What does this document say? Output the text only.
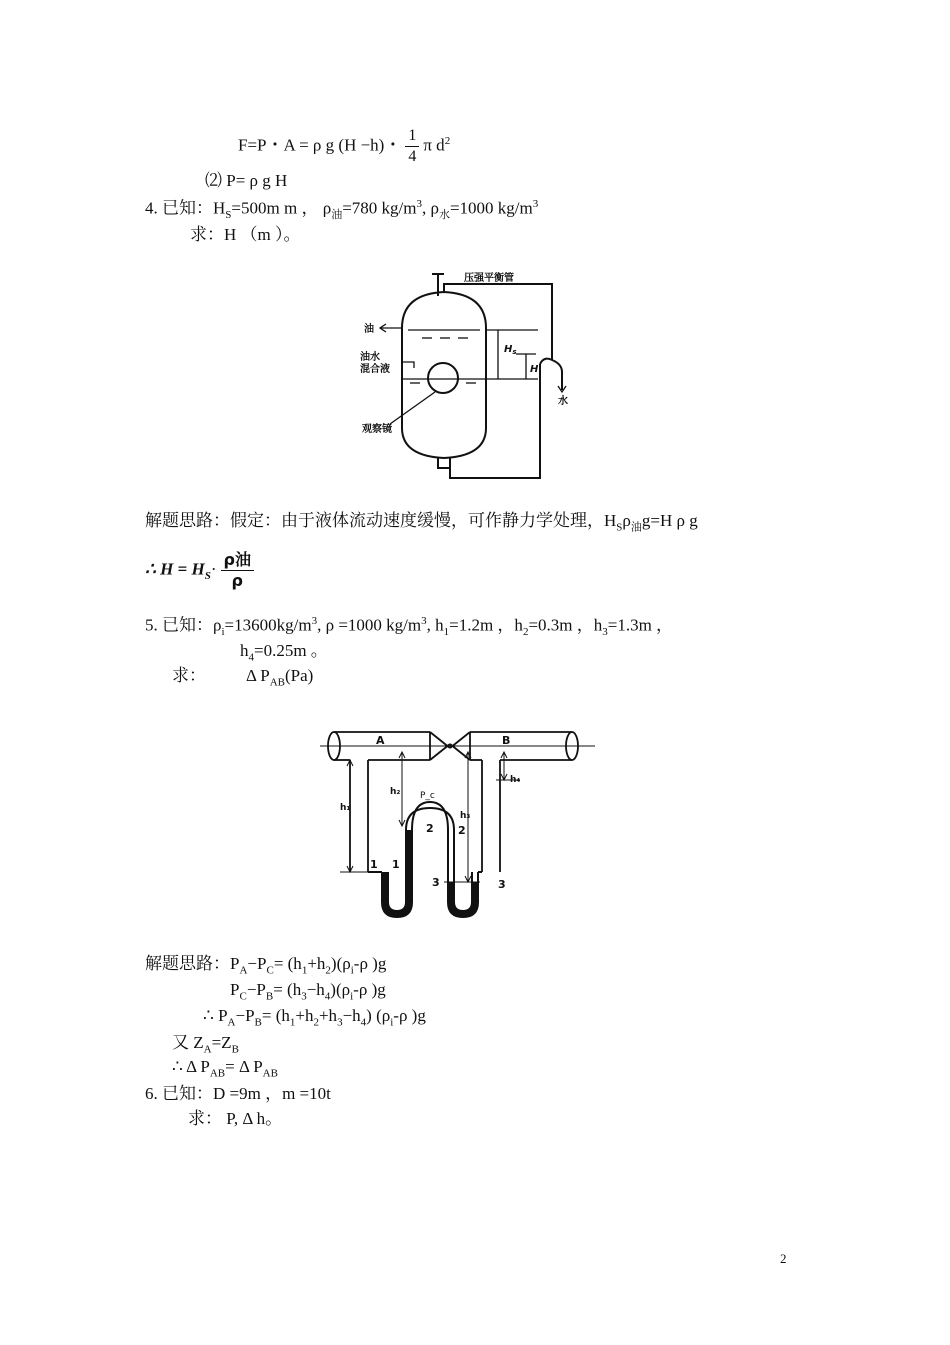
F=P・A = ρ g (H −h)・ $\frac{1}{4}$ π $d^2$
⑵ P= ρ g H
4. 已知：$H_S=500m$ m ， $\rho_油=780$ $kg/m^3$, $\rho_水=1000$ $kg/m^3$
求：H （m ）。
压强平衡管
油
油水
混合液
$H_s$
H
水
观察镜
解题思路：假定：由于液体流动速度缓慢，可作静力学处理，$H_S\rho_油g=H$ ρ g
∴ $H = H_S\cdot \frac{\text{ρ油}}{\rho}$
5. 已知：$\rho_i=13600kg/m^3$, ρ =1000 $kg/m^3$, $h_1=1.2m$ ，$h_2=0.3m$ ，$h_3=1.3m$ ，
$h_4=0.25m$ 。
求： Δ $P_{AB}(Pa)$
A	B
h₁
h₂
h₃
h₄
P_c
1 1
2 2
3	3
解题思路：$P_A-P_C= (h_1+h_2)(\rho_i-\rho$ )g
$P_C-P_B= (h_3-h_4)(\rho_i-\rho$ )g
∴ $P_A-P_B= (h_1+h_2+h_3-h_4)$ ($\rho_i-\rho$ )g
又 $Z_A=Z_B$
∴ Δ $P_{AB}= \Delta$ $P_{AB}$
6. 已知：D =9m ，m =10t
求： P, Δ h。
2
